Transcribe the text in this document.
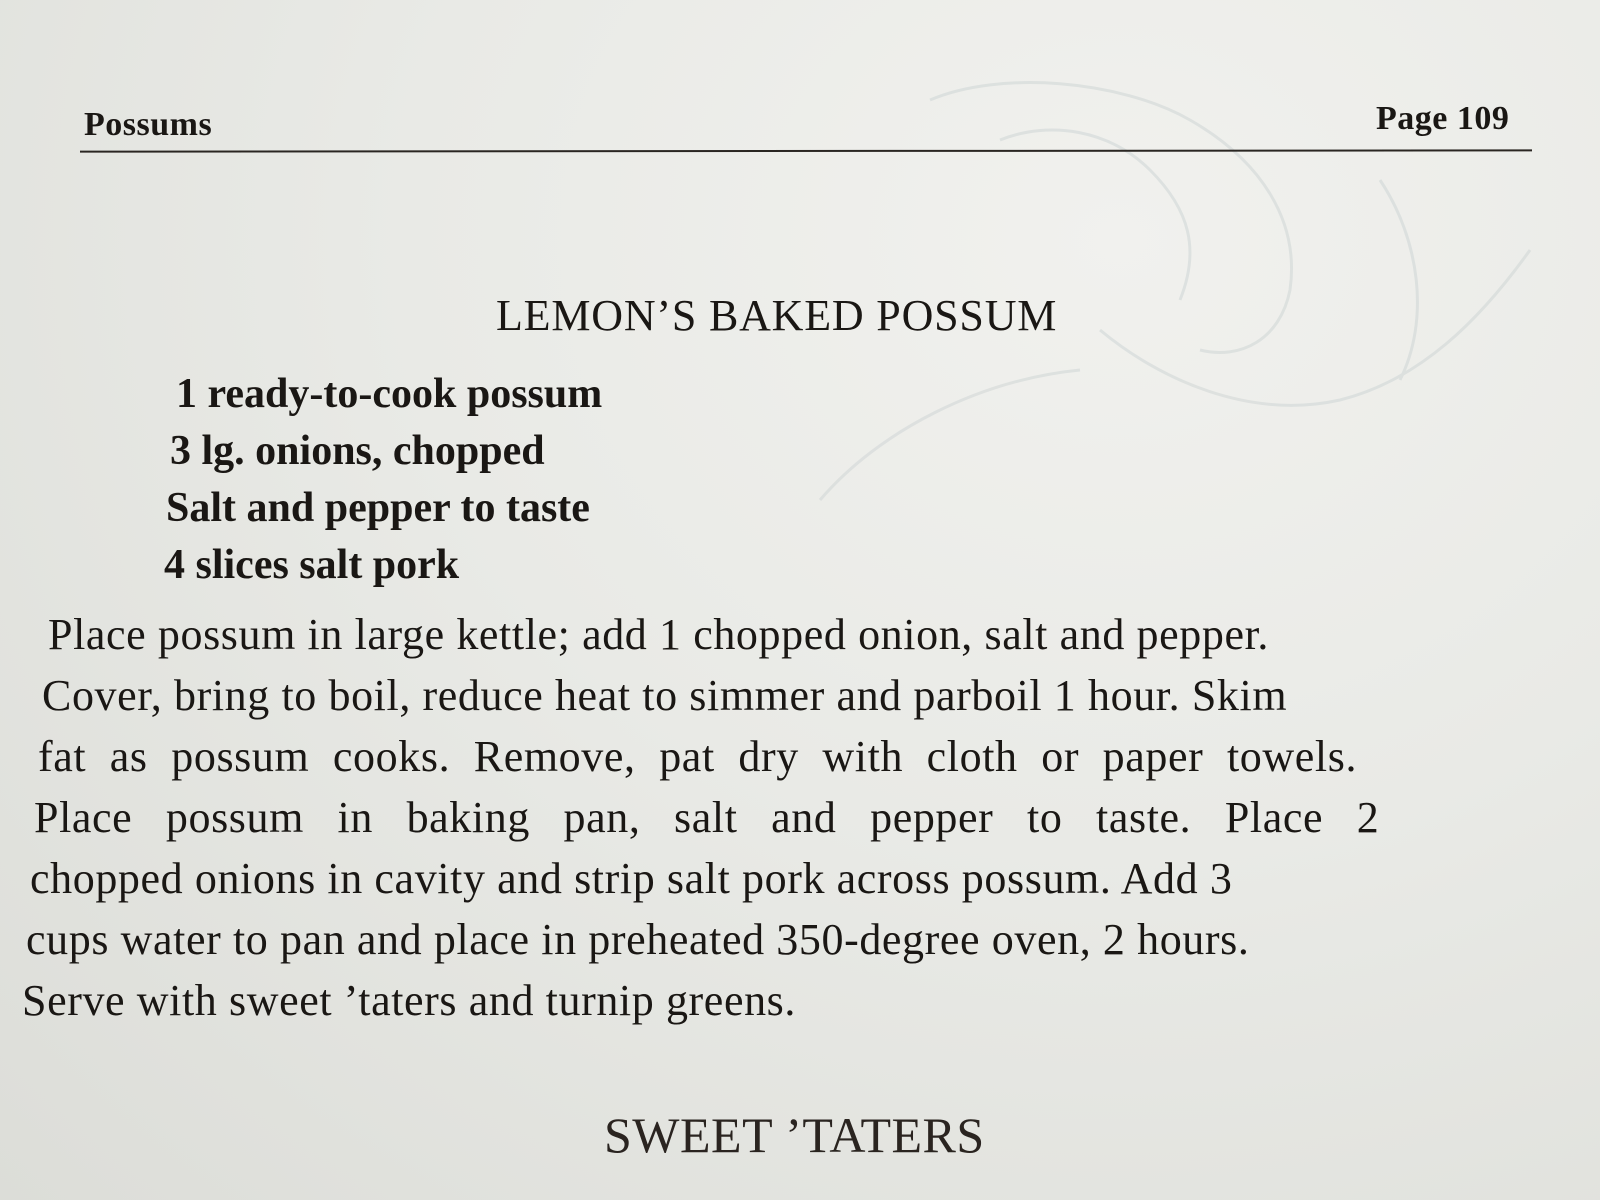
Possums	Page 109
LEMON’S BAKED POSSUM
1 ready-to-cook possum
3 lg. onions, chopped
Salt and pepper to taste
4 slices salt pork
Place possum in large kettle; add 1 chopped onion, salt and pepper.
Cover, bring to boil, reduce heat to simmer and parboil 1 hour. Skim
fat as possum cooks. Remove, pat dry with cloth or paper towels.
Place possum in baking pan, salt and pepper to taste. Place 2
chopped onions in cavity and strip salt pork across possum. Add 3
cups water to pan and place in preheated 350-degree oven, 2 hours.
Serve with sweet ’taters and turnip greens.
SWEET ’TATERS
